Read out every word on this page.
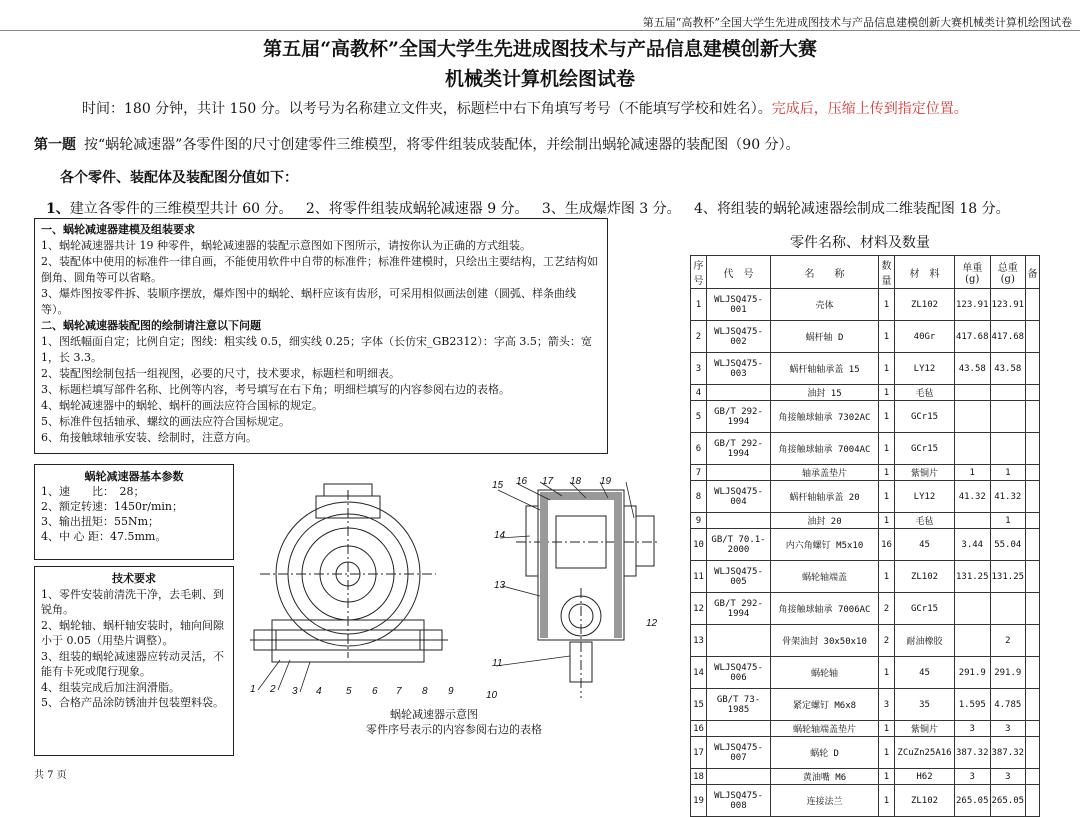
第五届“高教杯”全国大学生先进成图技术与产品信息建模创新大赛机械类计算机绘图试卷
第五届“高教杯”全国大学生先进成图技术与产品信息建模创新大赛
机械类计算机绘图试卷
时间：180 分钟，共计 150 分。以考号为名称建立文件夹，标题栏中右下角填写考号（不能填写学校和姓名）。完成后，压缩上传到指定位置。
第一题 按“蜗轮减速器”各零件图的尺寸创建零件三维模型，将零件组装成装配体，并绘制出蜗轮减速器的装配图（90 分）。
各个零件、装配体及装配图分值如下：
1、建立各零件的三维模型共计 60 分。 2、将零件组装成蜗轮减速器 9 分。 3、生成爆炸图 3 分。 4、将组装的蜗轮减速器绘制成二维装配图 18 分。
一、蜗轮减速器建模及组装要求
1、蜗轮减速器共计 19 种零件，蜗轮减速器的装配示意图如下图所示，请按你认为正确的方式组装。
2、装配体中使用的标准件一律自画，不能使用软件中自带的标准件；标准件建模时，只绘出主要结构，工艺结构如倒角、圆角等可以省略。
3、爆炸图按零件拆、装顺序摆放，爆炸图中的蜗轮、蜗杆应该有齿形，可采用相似画法创建（圆弧、样条曲线等）。
二、蜗轮减速器装配图的绘制请注意以下问题
1、图纸幅面自定；比例自定；图线：粗实线 0.5，细实线 0.25；字体（长仿宋_GB2312）：字高 3.5；箭头：宽 1，长 3.3。
2、装配图绘制包括一组视图，必要的尺寸，技术要求，标题栏和明细表。
3、标题栏填写部件名称、比例等内容，考号填写在右下角；明细栏填写的内容参阅右边的表格。
4、蜗轮减速器中的蜗轮、蜗杆的画法应符合国标的规定。
5、标准件包括轴承、螺纹的画法应符合国标规定。
6、角接触球轴承安装、绘制时，注意方向。
蜗轮减速器基本参数
1、速　　比：　28；
2、额定转速：1450r/min；
3、输出扭矩：55Nm；
4、中 心 距：47.5mm。
技术要求
1、零件安装前清洗干净，去毛刺、到锐角。
2、蜗轮轴、蜗杆轴安装时，轴向间隙小于 0.05（用垫片调整）。
3、组装的蜗轮减速器应转动灵活，不能有卡死或爬行现象。
4、组装完成后加注润滑脂。
5、合格产品涂防锈油并包装塑料袋。
1 2 3 4 5 6 7 8 9	10
11
12
13
14
15 16 17 18 19
蜗轮减速器示意图
零件序号表示的内容参阅右边的表格
共 7 页
零件名称、材料及数量
序号	代　号	名　　称	数量	材　料	单重(g)	总重(g)	备
1	WLJSQ475-001	壳体	1	ZL102	123.91	123.91	
2	WLJSQ475-002	蜗杆轴 D	1	40Gr	417.68	417.68	
3	WLJSQ475-003	蜗杆轴轴承盖 15	1	LY12	43.58	43.58	
4		油封 15	1	毛毡			
5	GB/T 292-1994	角接触球轴承 7302AC	1	GCr15			
6	GB/T 292-1994	角接触球轴承 7004AC	1	GCr15			
7		轴承盖垫片	1	紫铜片	1	1	
8	WLJSQ475-004	蜗杆轴轴承盖 20	1	LY12	41.32	41.32	
9		油封 20	1	毛毡		1	
10	GB/T 70.1-2000	内六角螺钉 M5x10	16	45	3.44	55.04	
11	WLJSQ475-005	蜗轮轴端盖	1	ZL102	131.25	131.25	
12	GB/T 292-1994	角接触球轴承 7006AC	2	GCr15			
13		骨架油封 30x50x10	2	耐油橡胶		2	
14	WLJSQ475-006	蜗轮轴	1	45	291.9	291.9	
15	GB/T 73-1985	紧定螺钉 M6x8	3	35	1.595	4.785	
16		蜗轮轴端盖垫片	1	紫铜片	3	3	
17	WLJSQ475-007	蜗轮 D	1	ZCuZn25A16	387.32	387.32	
18		黄油嘴 M6	1	H62	3	3	
19	WLJSQ475-008	连接法兰	1	ZL102	265.05	265.05	
